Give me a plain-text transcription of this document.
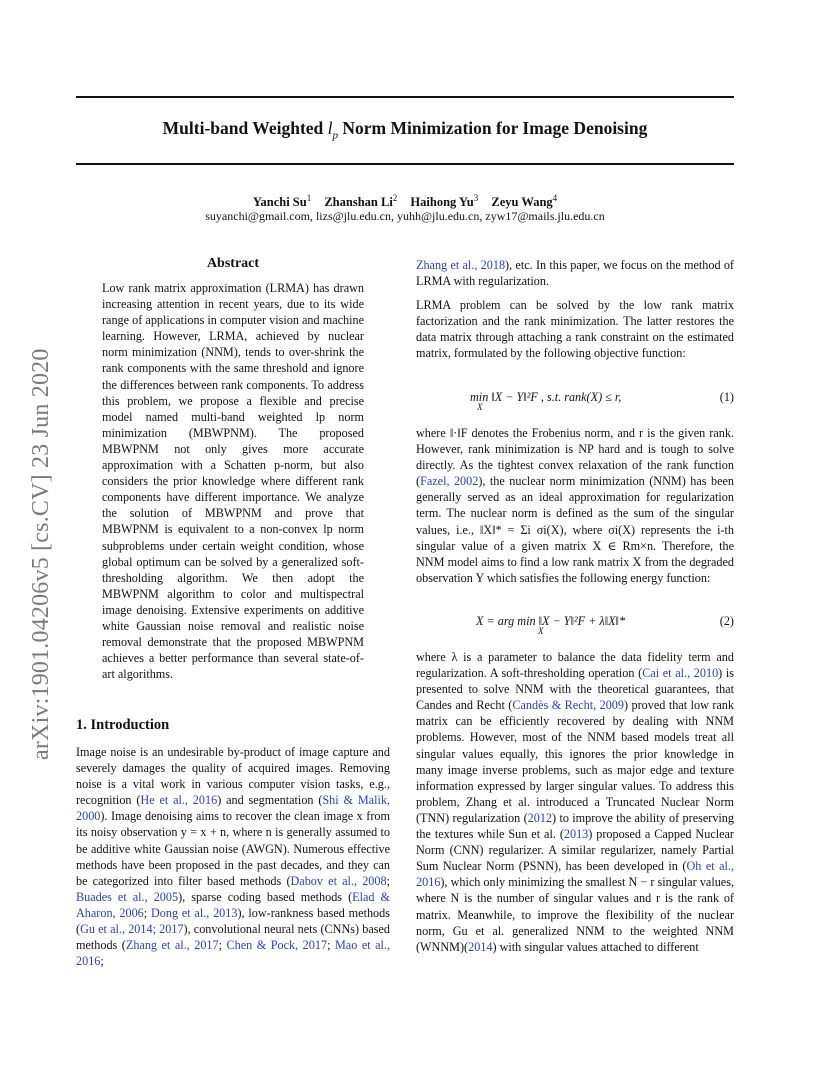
Multi-band Weighted $l_p$ Norm Minimization for Image Denoising
Yanchi Su$^1$ Zhanshan Li$^2$ Haihong Yu$^3$ Zeyu Wang$^4$
suyanchi@gmail.com, lizs@jlu.edu.cn, yuhh@jlu.edu.cn, zyw17@mails.jlu.edu.cn
arXiv:1901.04206v5 [cs.CV] 23 Jun 2020
Abstract
Low rank matrix approximation (LRMA) has drawn increasing attention in recent years, due to its wide range of applications in computer vision and machine learning. However, LRMA, achieved by nuclear norm minimization (NNM), tends to over-shrink the rank components with the same threshold and ignore the differences between rank components. To address this problem, we propose a flexible and precise model named multi-band weighted lp norm minimization (MBWPNM). The proposed MBWPNM not only gives more accurate approximation with a Schatten p-norm, but also considers the prior knowledge where different rank components have different importance. We analyze the solution of MBWPNM and prove that MBWPNM is equivalent to a non-convex lp norm subproblems under certain weight condition, whose global optimum can be solved by a generalized soft-thresholding algorithm. We then adopt the MBWPNM algorithm to color and multispectral image denoising. Extensive experiments on additive white Gaussian noise removal and realistic noise removal demonstrate that the proposed MBWPNM achieves a better performance than several state-of-art algorithms.
1. Introduction
Image noise is an undesirable by-product of image capture and severely damages the quality of acquired images. Removing noise is a vital work in various computer vision tasks, e.g., recognition (He et al., 2016) and segmentation (Shi & Malik, 2000). Image denoising aims to recover the clean image x from its noisy observation y = x + n, where n is generally assumed to be additive white Gaussian noise (AWGN). Numerous effective methods have been proposed in the past decades, and they can be categorized into filter based methods (Dabov et al., 2008; Buades et al., 2005), sparse coding based methods (Elad & Aharon, 2006; Dong et al., 2013), low-rankness based methods (Gu et al., 2014; 2017), convolutional neural nets (CNNs) based methods (Zhang et al., 2017; Chen & Pock, 2017; Mao et al., 2016;
Zhang et al., 2018), etc. In this paper, we focus on the method of LRMA with regularization.
LRMA problem can be solved by the low rank matrix factorization and the rank minimization. The latter restores the data matrix through attaching a rank constraint on the estimated matrix, formulated by the following objective function:
min ‖X − Y‖²F , s.t. rank(X) ≤ r,
X
(1)
where ‖·‖F denotes the Frobenius norm, and r is the given rank. However, rank minimization is NP hard and is tough to solve directly. As the tightest convex relaxation of the rank function (Fazel, 2002), the nuclear norm minimization (NNM) has been generally served as an ideal approximation for regularization term. The nuclear norm is defined as the sum of the singular values, i.e., ‖X‖* = Σi σi(X), where σi(X) represents the i-th singular value of a given matrix X ∈ Rm×n. Therefore, the NNM model aims to find a low rank matrix X from the degraded observation Y which satisfies the following energy function:
X = arg min ‖X − Y‖²F + λ‖X‖*
X
(2)
where λ is a parameter to balance the data fidelity term and regularization. A soft-thresholding operation (Cai et al., 2010) is presented to solve NNM with the theoretical guarantees, that Candes and Recht (Candès & Recht, 2009) proved that low rank matrix can be efficiently recovered by dealing with NNM problems. However, most of the NNM based models treat all singular values equally, this ignores the prior knowledge in many image inverse problems, such as major edge and texture information expressed by larger singular values. To address this problem, Zhang et al. introduced a Truncated Nuclear Norm (TNN) regularization (2012) to improve the ability of preserving the textures while Sun et al. (2013) proposed a Capped Nuclear Norm (CNN) regularizer. A similar regularizer, namely Partial Sum Nuclear Norm (PSNN), has been developed in (Oh et al., 2016), which only minimizing the smallest N − r singular values, where N is the number of singular values and r is the rank of matrix. Meanwhile, to improve the flexibility of the nuclear norm, Gu et al. generalized NNM to the weighted NNM (WNNM)(2014) with singular values attached to different
